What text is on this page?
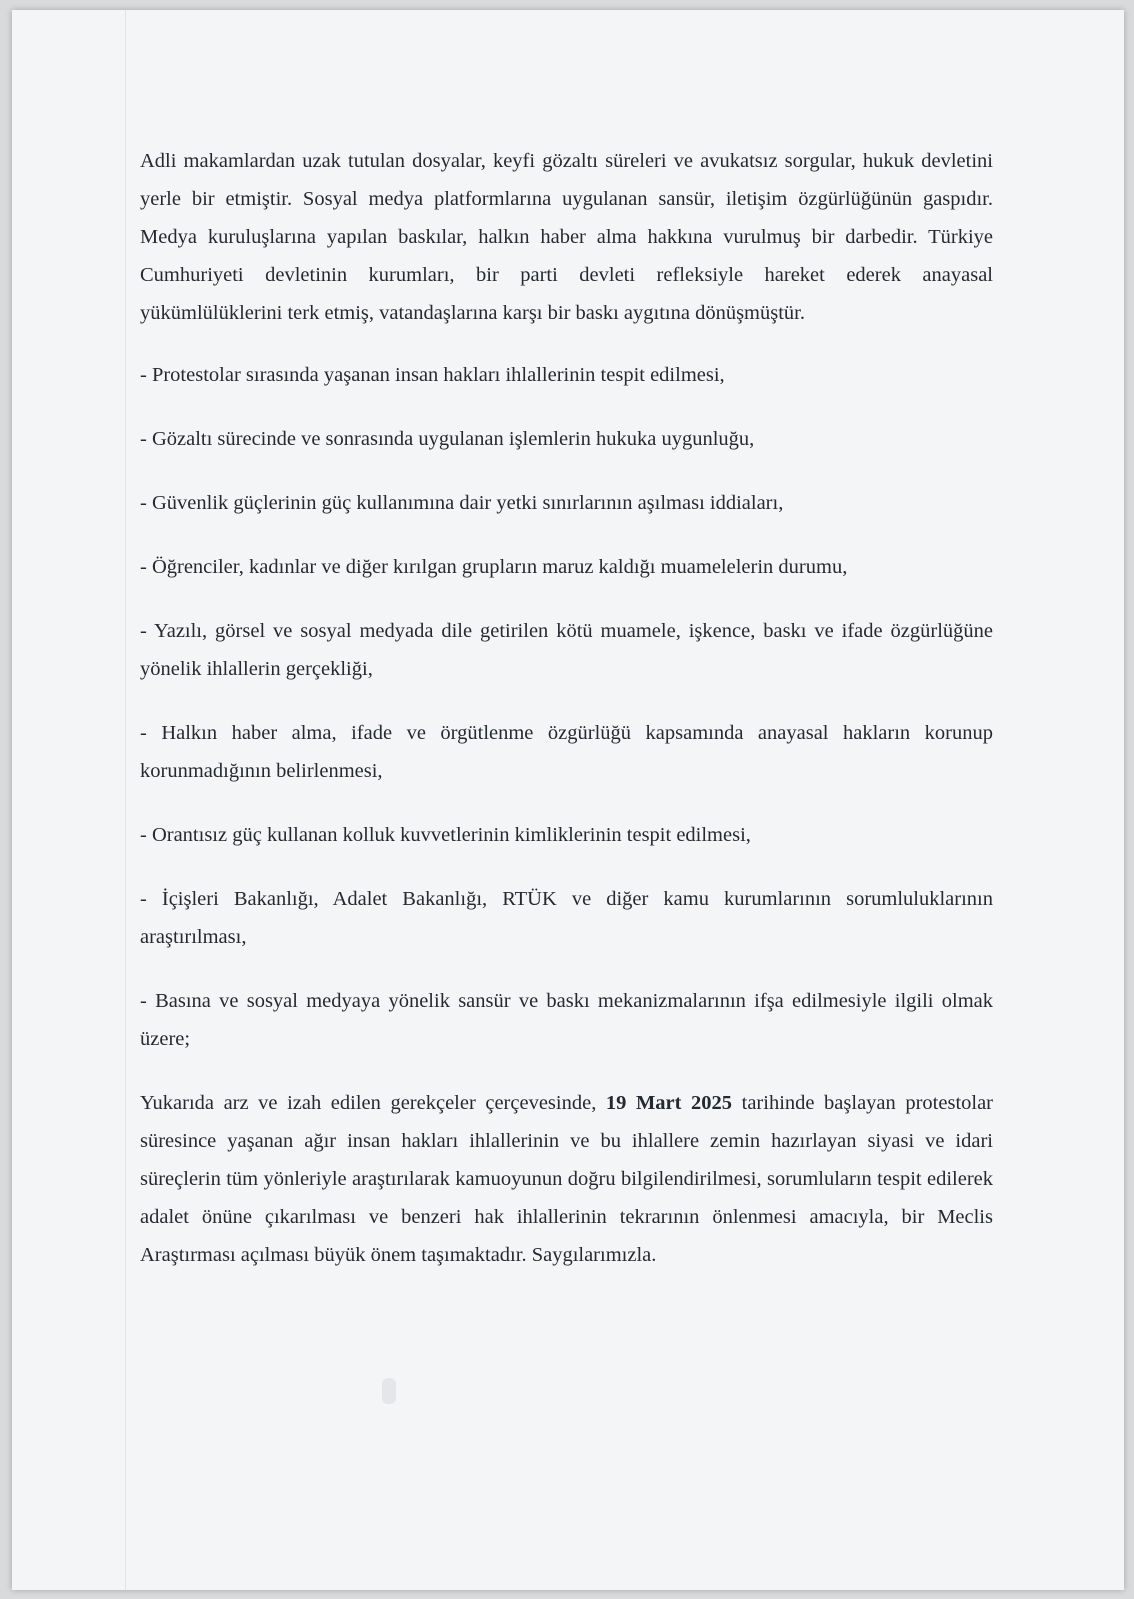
Adli makamlardan uzak tutulan dosyalar, keyfi gözaltı süreleri ve avukatsız sorgular, hukuk devletini yerle bir etmiştir. Sosyal medya platformlarına uygulanan sansür, iletişim özgürlüğünün gaspıdır. Medya kuruluşlarına yapılan baskılar, halkın haber alma hakkına vurulmuş bir darbedir. Türkiye Cumhuriyeti devletinin kurumları, bir parti devleti refleksiyle hareket ederek anayasal yükümlülüklerini terk etmiş, vatandaşlarına karşı bir baskı aygıtına dönüşmüştür.

- Protestolar sırasında yaşanan insan hakları ihlallerinin tespit edilmesi,

- Gözaltı sürecinde ve sonrasında uygulanan işlemlerin hukuka uygunluğu,

- Güvenlik güçlerinin güç kullanımına dair yetki sınırlarının aşılması iddiaları,

- Öğrenciler, kadınlar ve diğer kırılgan grupların maruz kaldığı muamelelerin durumu,

- Yazılı, görsel ve sosyal medyada dile getirilen kötü muamele, işkence, baskı ve ifade özgürlüğüne yönelik ihlallerin gerçekliği,

- Halkın haber alma, ifade ve örgütlenme özgürlüğü kapsamında anayasal hakların korunup korunmadığının belirlenmesi,

- Orantısız güç kullanan kolluk kuvvetlerinin kimliklerinin tespit edilmesi,

- İçişleri Bakanlığı, Adalet Bakanlığı, RTÜK ve diğer kamu kurumlarının sorumluluklarının araştırılması,

- Basına ve sosyal medyaya yönelik sansür ve baskı mekanizmalarının ifşa edilmesiyle ilgili olmak üzere;

Yukarıda arz ve izah edilen gerekçeler çerçevesinde, 19 Mart 2025 tarihinde başlayan protestolar süresince yaşanan ağır insan hakları ihlallerinin ve bu ihlallere zemin hazırlayan siyasi ve idari süreçlerin tüm yönleriyle araştırılarak kamuoyunun doğru bilgilendirilmesi, sorumluların tespit edilerek adalet önüne çıkarılması ve benzeri hak ihlallerinin tekrarının önlenmesi amacıyla, bir Meclis Araştırması açılması büyük önem taşımaktadır. Saygılarımızla.
